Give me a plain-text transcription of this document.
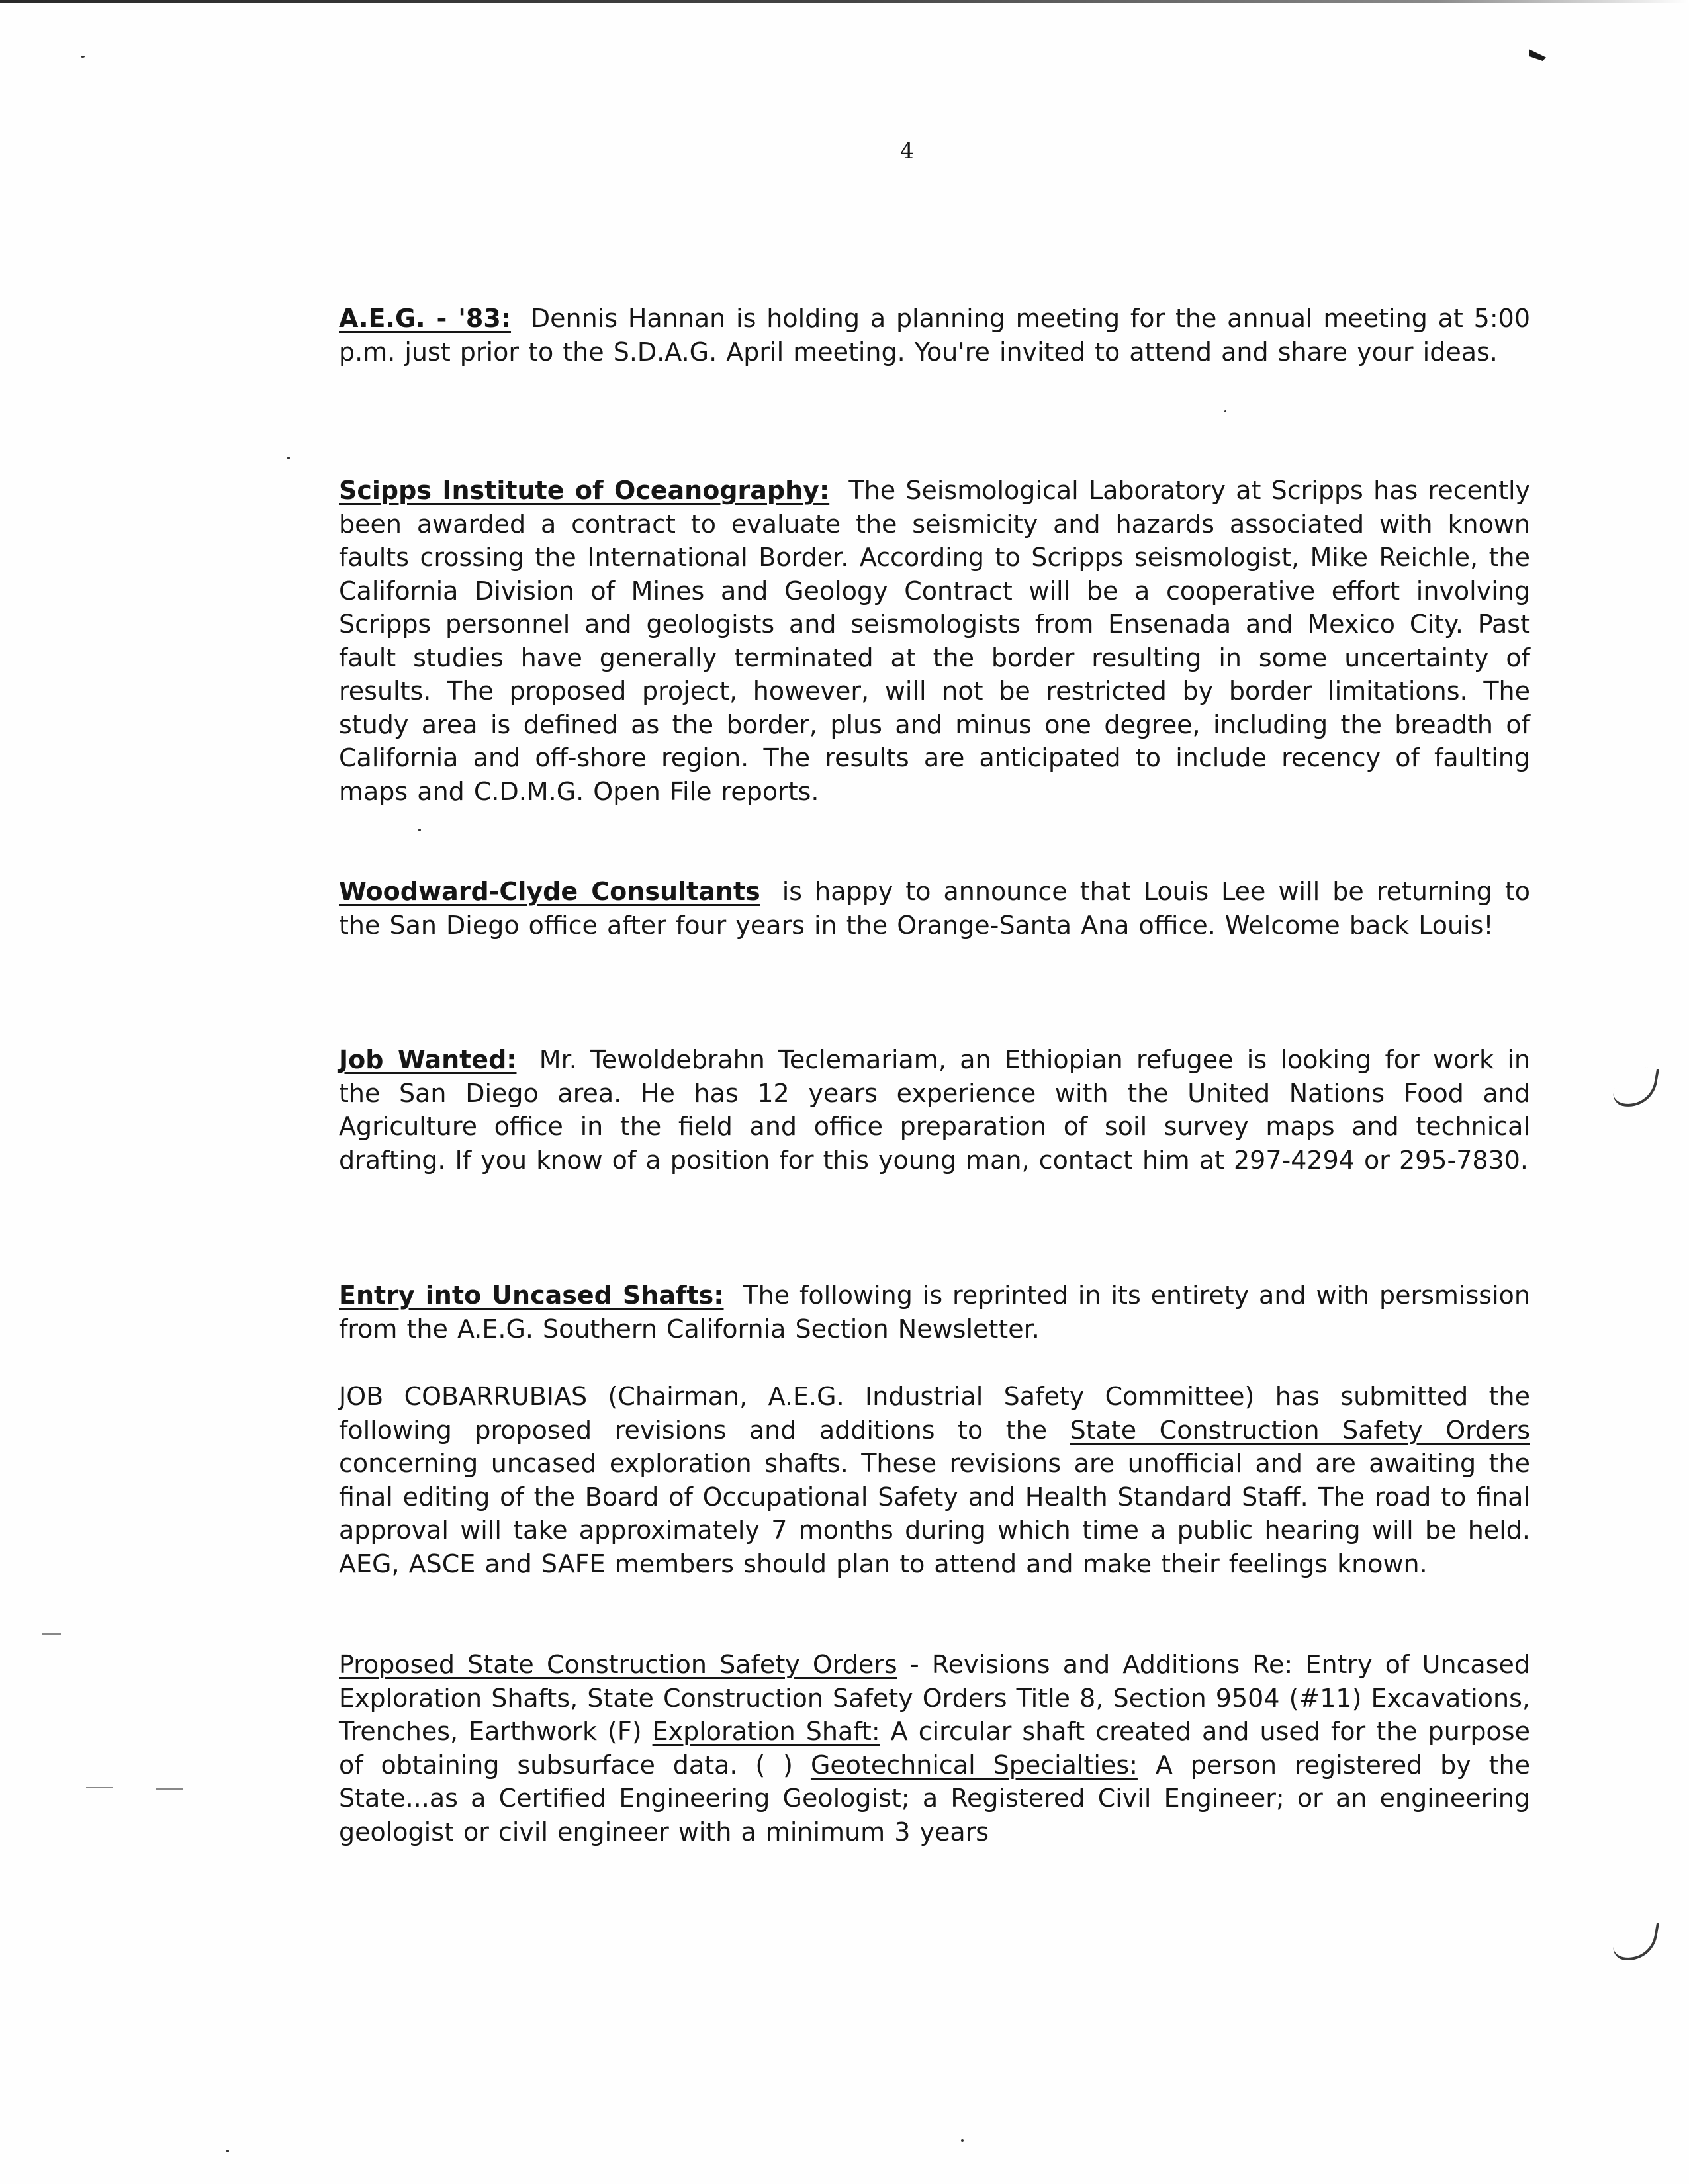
4

A.E.G. - '83: Dennis Hannan is holding a planning meeting for the annual meeting at 5:00 p.m. just prior to the S.D.A.G. April meeting. You're invited to attend and share your ideas.

Scipps Institute of Oceanography: The Seismological Laboratory at Scripps has recently been awarded a contract to evaluate the seismicity and hazards associated with known faults crossing the International Border. According to Scripps seismologist, Mike Reichle, the California Division of Mines and Geology Contract will be a cooperative effort involving Scripps personnel and geologists and seismologists from Ensenada and Mexico City. Past fault studies have generally terminated at the border resulting in some uncertainty of results. The proposed project, however, will not be restricted by border limitations. The study area is defined as the border, plus and minus one degree, including the breadth of California and off-shore region. The results are anticipated to include recency of faulting maps and C.D.M.G. Open File reports.

Woodward-Clyde Consultants is happy to announce that Louis Lee will be returning to the San Diego office after four years in the Orange-Santa Ana office. Welcome back Louis!

Job Wanted: Mr. Tewoldebrahn Teclemariam, an Ethiopian refugee is looking for work in the San Diego area. He has 12 years experience with the United Nations Food and Agriculture office in the field and office preparation of soil survey maps and technical drafting. If you know of a position for this young man, contact him at 297-4294 or 295-7830.

Entry into Uncased Shafts: The following is reprinted in its entirety and with persmission from the A.E.G. Southern California Section Newsletter.

JOB COBARRUBIAS (Chairman, A.E.G. Industrial Safety Committee) has submitted the following proposed revisions and additions to the State Construction Safety Orders concerning uncased exploration shafts. These revisions are unofficial and are awaiting the final editing of the Board of Occupational Safety and Health Standard Staff. The road to final approval will take approximately 7 months during which time a public hearing will be held. AEG, ASCE and SAFE members should plan to attend and make their feelings known.

Proposed State Construction Safety Orders - Revisions and Additions Re: Entry of Uncased Exploration Shafts, State Construction Safety Orders Title 8, Section 9504 (#11) Excavations, Trenches, Earthwork (F) Exploration Shaft: A circular shaft created and used for the purpose of obtaining subsurface data. ( ) Geotechnical Specialties: A person registered by the State...as a Certified Engineering Geologist; a Registered Civil Engineer; or an engineering geologist or civil engineer with a minimum 3 years
